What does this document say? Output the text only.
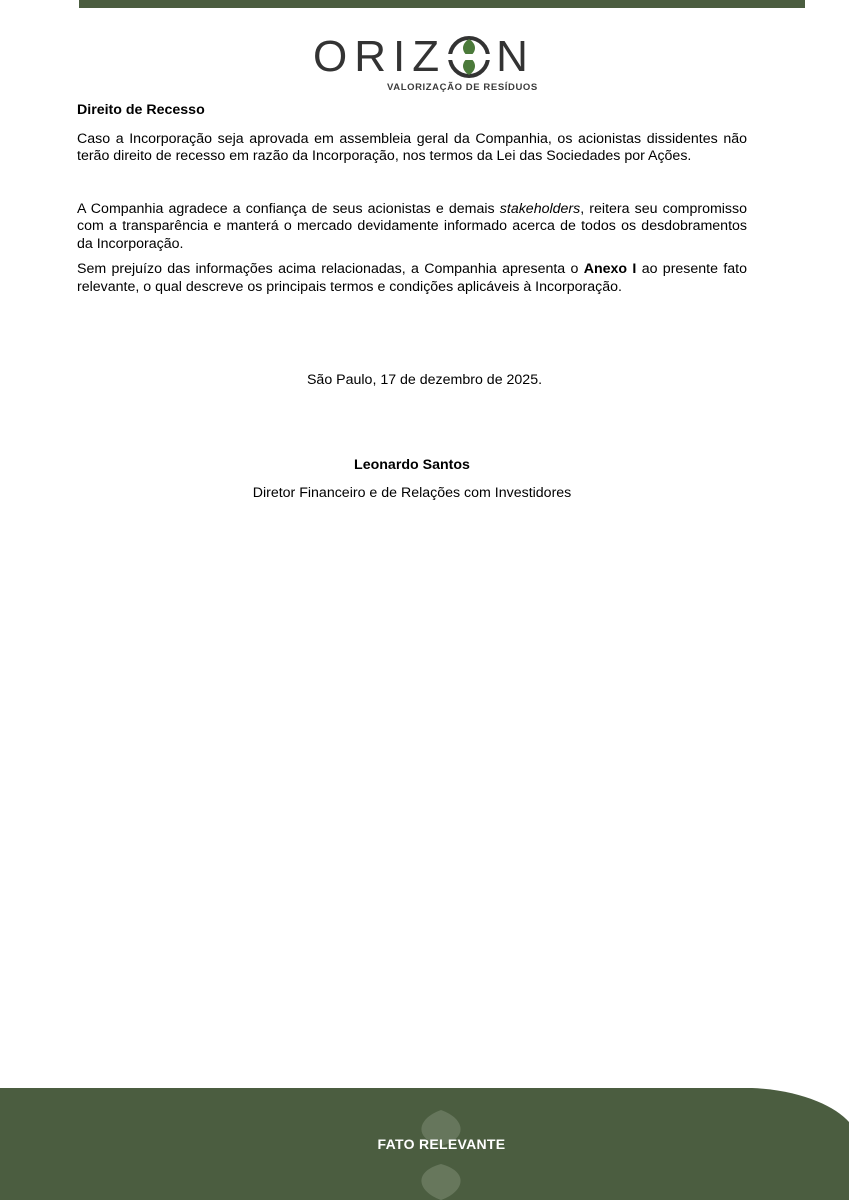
ORIZ N
VALORIZAÇÃO DE RESÍDUOS

Direito de Recesso

Caso a Incorporação seja aprovada em assembleia geral da Companhia, os acionistas dissidentes não terão direito de recesso em razão da Incorporação, nos termos da Lei das Sociedades por Ações.

A Companhia agradece a confiança de seus acionistas e demais stakeholders, reitera seu compromisso com a transparência e manterá o mercado devidamente informado acerca de todos os desdobramentos da Incorporação.

Sem prejuízo das informações acima relacionadas, a Companhia apresenta o Anexo I ao presente fato relevante, o qual descreve os principais termos e condições aplicáveis à Incorporação.

São Paulo, 17 de dezembro de 2025.
Leonardo Santos
Diretor Financeiro e de Relações com Investidores
FATO RELEVANTE
